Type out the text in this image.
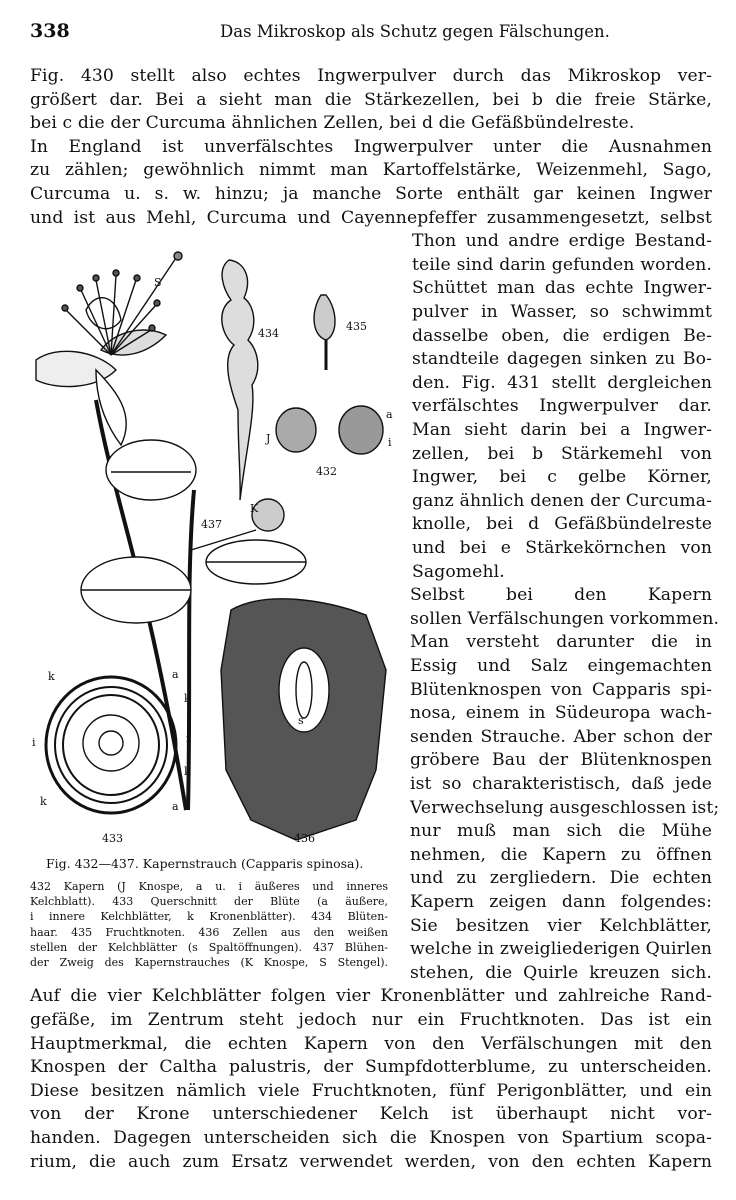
338	Das Mikroskop als Schutz gegen Fälschungen.
Fig. 430 stellt also echtes Ingwerpulver durch das Mikroskop ver-
größert dar. Bei a sieht man die Stärkezellen, bei b die freie Stärke,
bei c die der Curcuma ähnlichen Zellen, bei d die Gefäßbündelreste.
In England ist unverfälschtes Ingwerpulver unter die Ausnahmen
zu zählen; gewöhnlich nimmt man Kartoffelstärke, Weizenmehl, Sago,
Curcuma u. s. w. hinzu; ja manche Sorte enthält gar keinen Ingwer
und ist aus Mehl, Curcuma und Cayennepfeffer zusammengesetzt, selbst
Thon und andre erdige Bestand-
teile sind darin gefunden worden.
Schüttet man das echte Ingwer-
pulver in Wasser, so schwimmt
dasselbe oben, die erdigen Be-
standteile dagegen sinken zu Bo-
den. Fig. 431 stellt dergleichen
verfälschtes Ingwerpulver dar.
Man sieht darin bei a Ingwer-
zellen, bei b Stärkemehl von
Ingwer, bei c gelbe Körner,
ganz ähnlich denen der Curcuma-
knolle, bei d Gefäßbündelreste
und bei e Stärkekörnchen von
Sagomehl.
Selbst bei den Kapern
sollen Verfälschungen vorkommen.
Man versteht darunter die in
Essig und Salz eingemachten
Blütenknospen von Capparis spi-
nosa, einem in Südeuropa wach-
senden Strauche. Aber schon der
gröbere Bau der Blütenknospen
ist so charakteristisch, daß jede
Verwechselung ausgeschlossen ist;
nur muß man sich die Mühe
nehmen, die Kapern zu öffnen
und zu zergliedern. Die echten
Kapern zeigen dann folgendes:
Sie besitzen vier Kelchblätter,
welche in zweigliederigen Quirlen
stehen, die Quirle kreuzen sich.
Auf die vier Kelchblätter folgen vier Kronenblätter und zahlreiche Rand-
gefäße, im Zentrum steht jedoch nur ein Fruchtknoten. Das ist ein
Hauptmerkmal, die echten Kapern von den Verfälschungen mit den
Knospen der Caltha palustris, der Sumpfdotterblume, zu unterscheiden.
Diese besitzen nämlich viele Fruchtknoten, fünf Perigonblätter, und ein
von der Krone unterschiedener Kelch ist überhaupt nicht vor-
handen. Dagegen unterscheiden sich die Knospen von Spartium scopa-
rium, die auch zum Ersatz verwendet werden, von den echten Kapern
S
434
435
J
a
i
432
K
437
k	a
k
i	i
k
k	a
s
433	436
Fig. 432—437. Kapernstrauch (Capparis spinosa).
432 Kapern (J Knospe, a u. i äußeres und inneres
Kelchblatt). 433 Querschnitt der Blüte (a äußere,
i innere Kelchblätter, k Kronenblätter). 434 Blüten-
haar. 435 Fruchtknoten. 436 Zellen aus den weißen
stellen der Kelchblätter (s Spaltöffnungen). 437 Blühen-
der Zweig des Kapernstrauches (K Knospe, S Stengel).
